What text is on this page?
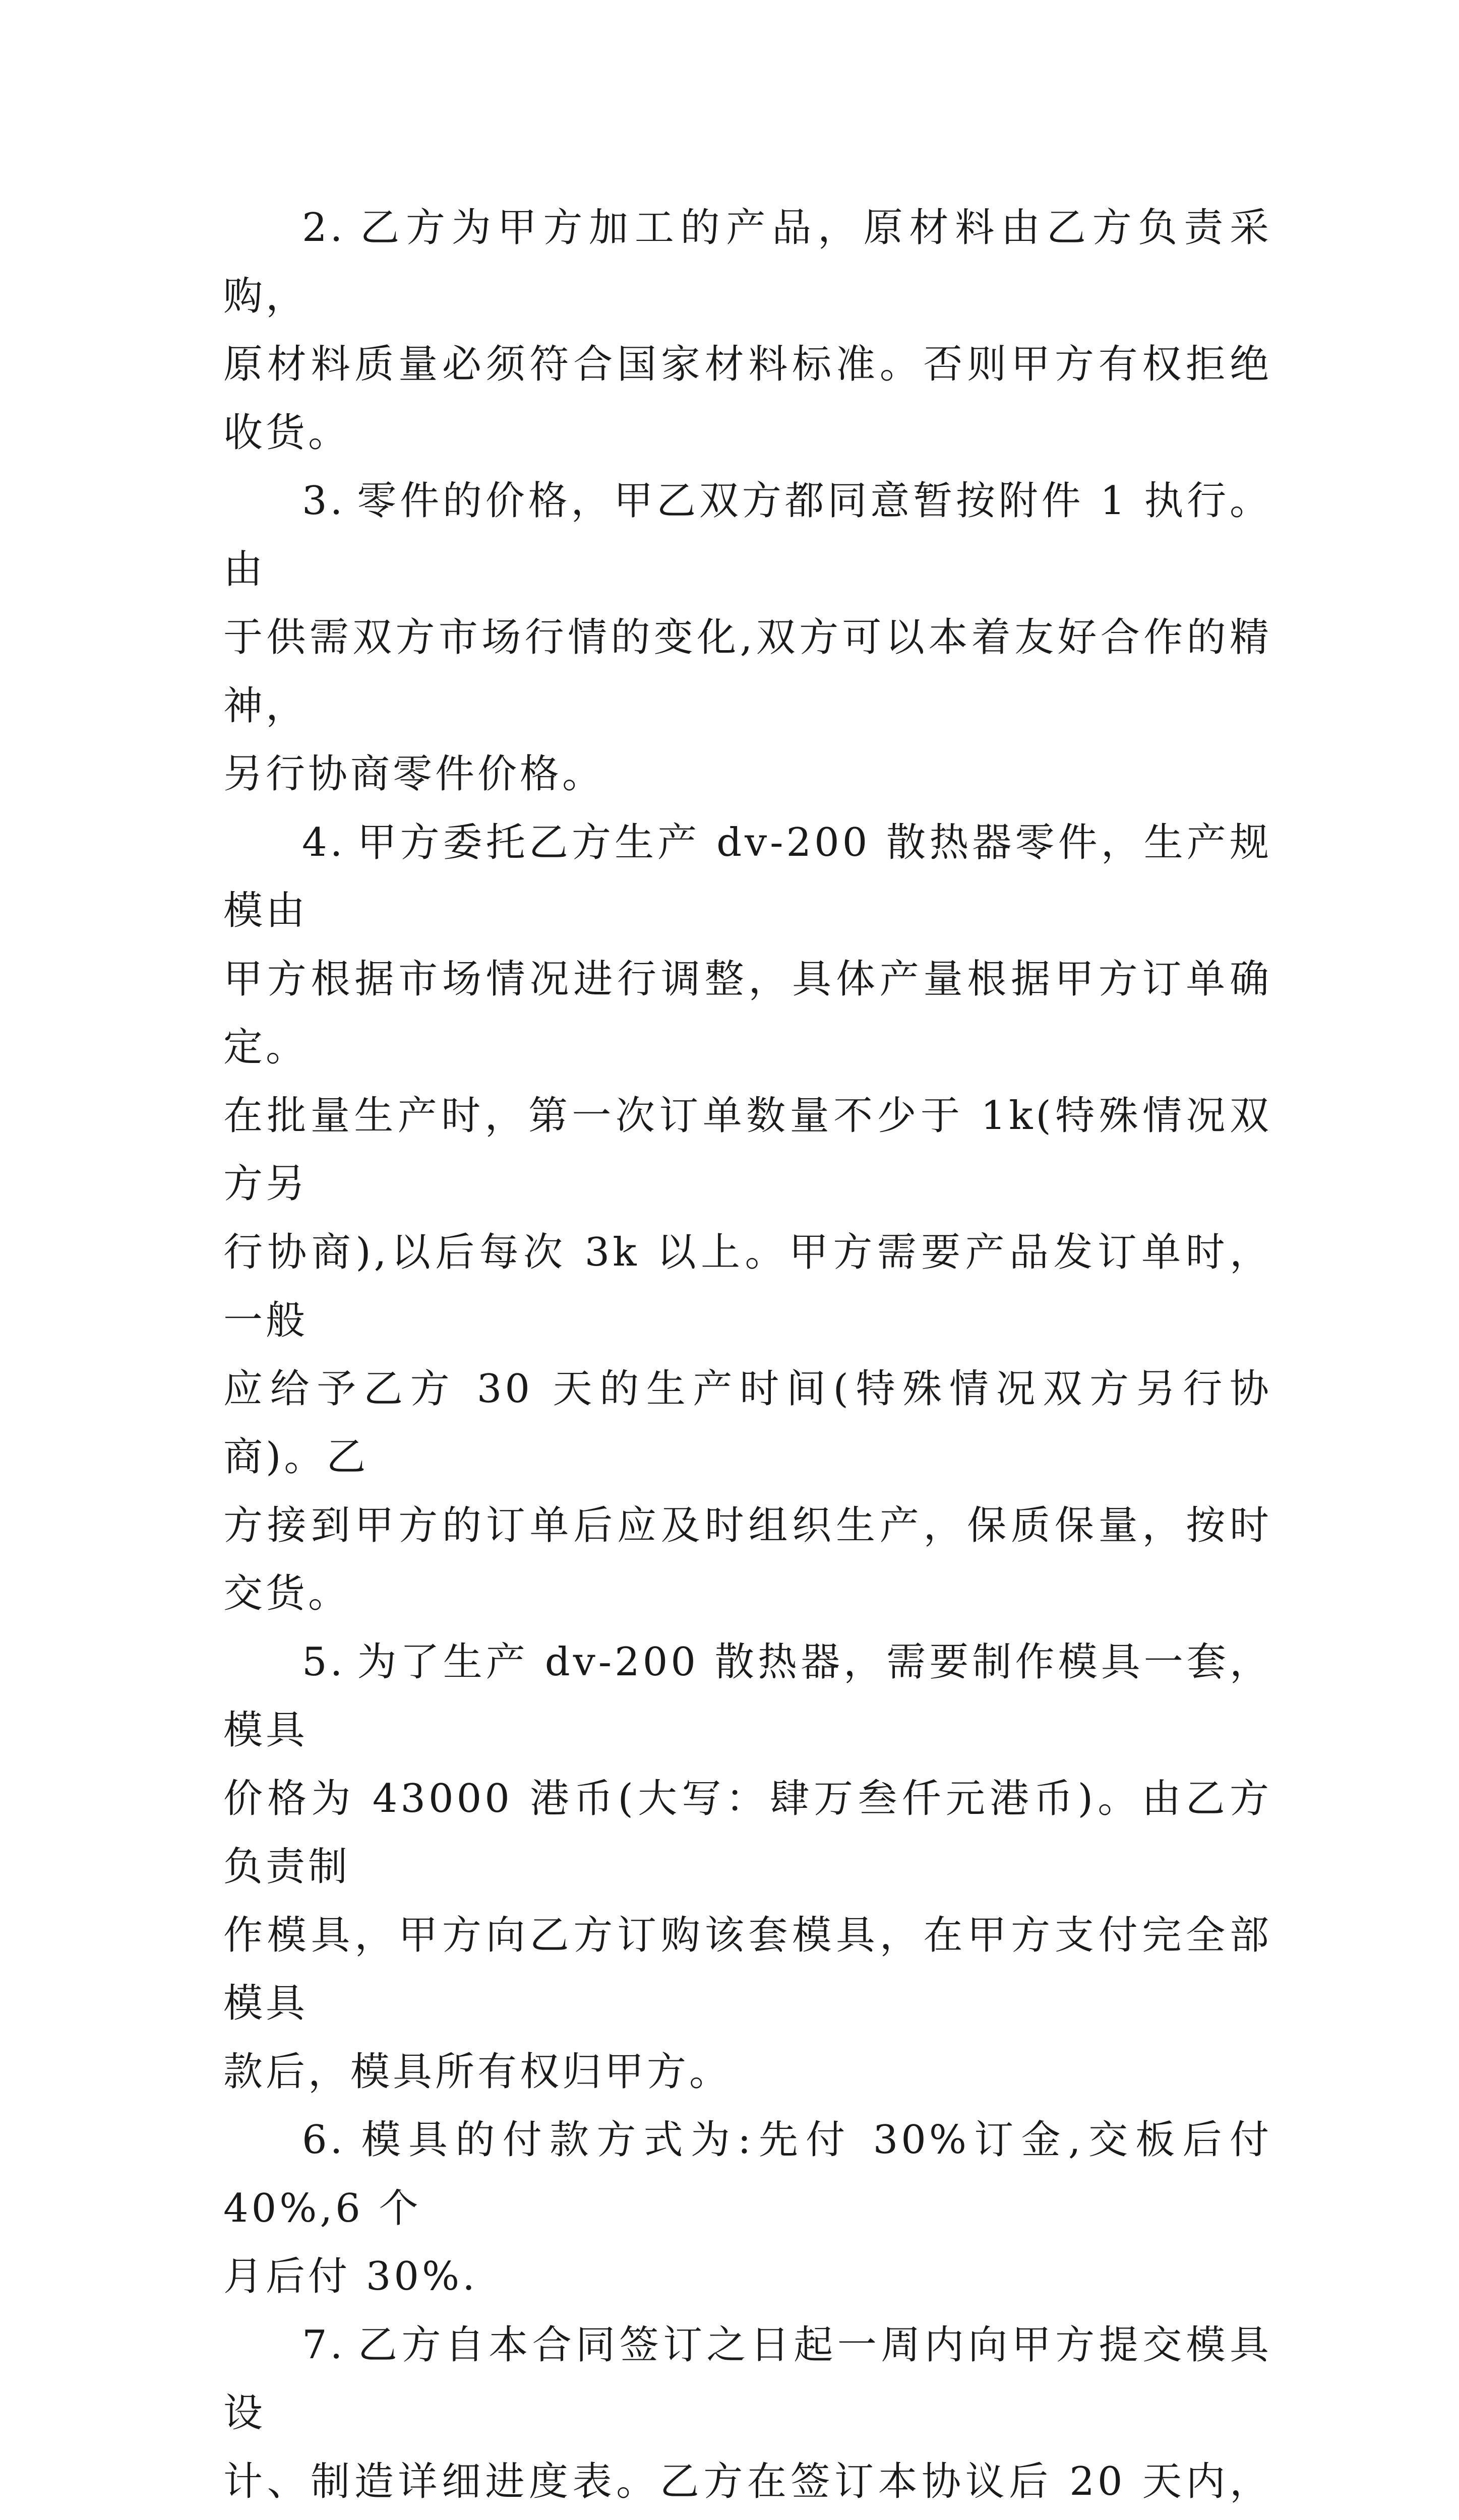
2. 乙方为甲方加工的产品，原材料由乙方负责采购，
原材料质量必须符合国家材料标准。否则甲方有权拒绝收货。

3. 零件的价格，甲乙双方都同意暂按附件 1 执行。由
于供需双方市场行情的变化,双方可以本着友好合作的精神，
另行协商零件价格。

4. 甲方委托乙方生产 dv-200 散热器零件，生产规模由
甲方根据市场情况进行调整，具体产量根据甲方订单确定。
在批量生产时，第一次订单数量不少于 1k(特殊情况双方另
行协商),以后每次 3k 以上。甲方需要产品发订单时，一般
应给予乙方 30 天的生产时间(特殊情况双方另行协商)。乙
方接到甲方的订单后应及时组织生产，保质保量，按时交货。

5. 为了生产 dv-200 散热器，需要制作模具一套，模具
价格为 43000 港币(大写：肆万叁仟元港币)。由乙方负责制
作模具，甲方向乙方订购该套模具，在甲方支付完全部模具
款后，模具所有权归甲方。

6. 模具的付款方式为:先付 30%订金,交板后付 40%,6 个
月后付 30%.

7. 乙方自本合同签订之日起一周内向甲方提交模具设
计、制造详细进度表。乙方在签订本协议后 20 天内，
